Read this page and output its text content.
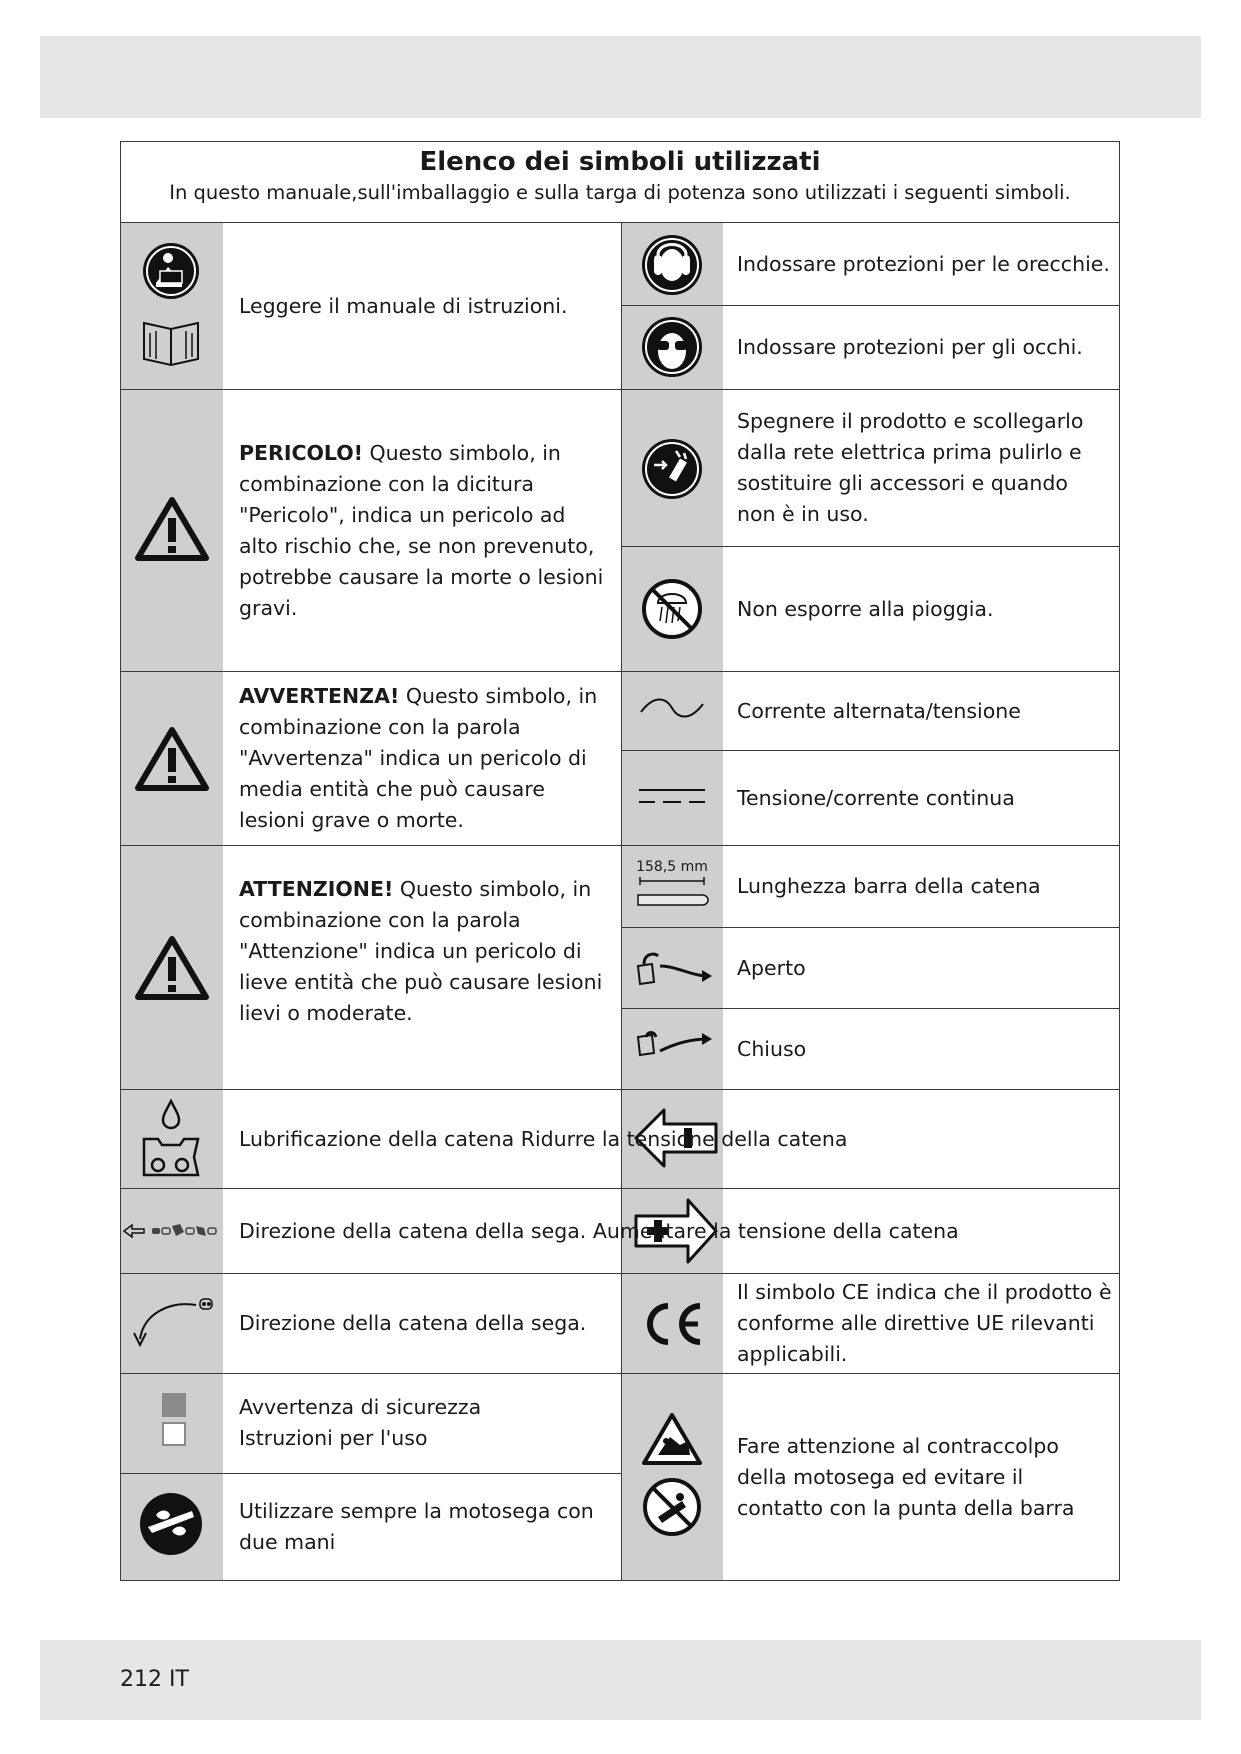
Elenco dei simboli utilizzati

In questo manuale,sull'imballaggio e sulla targa di potenza sono utilizzati i seguenti simboli.

158,5 mm
Leggere il manuale di istruzioni.
PERICOLO! Questo simbolo, in combinazione con la dicitura "Pericolo", indica un pericolo ad alto rischio che, se non prevenuto, potrebbe causare la morte o lesioni gravi.
AVVERTENZA! Questo simbolo, in combinazione con la parola "Avvertenza" indica un pericolo di media entità che può causare lesioni grave o morte.
ATTENZIONE! Questo simbolo, in combinazione con la parola "Attenzione" indica un pericolo di lieve entità che può causare lesioni lievi o moderate.
Lubrificazione della catena Ridurre la tensione della catena
Direzione della catena della sega. Aumentare la tensione della catena
Direzione della catena della sega.
Avvertenza di sicurezza
Istruzioni per l'uso
Utilizzare sempre la motosega con due mani
Indossare protezioni per le orecchie.
Indossare protezioni per gli occhi.
Spegnere il prodotto e scollegarlo dalla rete elettrica prima pulirlo e sostituire gli accessori e quando non è in uso.
Non esporre alla pioggia.
Corrente alternata/tensione
Tensione/corrente continua
Lunghezza barra della catena
Aperto
Chiuso
Il simbolo CE indica che il prodotto è conforme alle direttive UE rilevanti applicabili.
Fare attenzione al contraccolpo della motosega ed evitare il contatto con la punta della barra
212 IT
